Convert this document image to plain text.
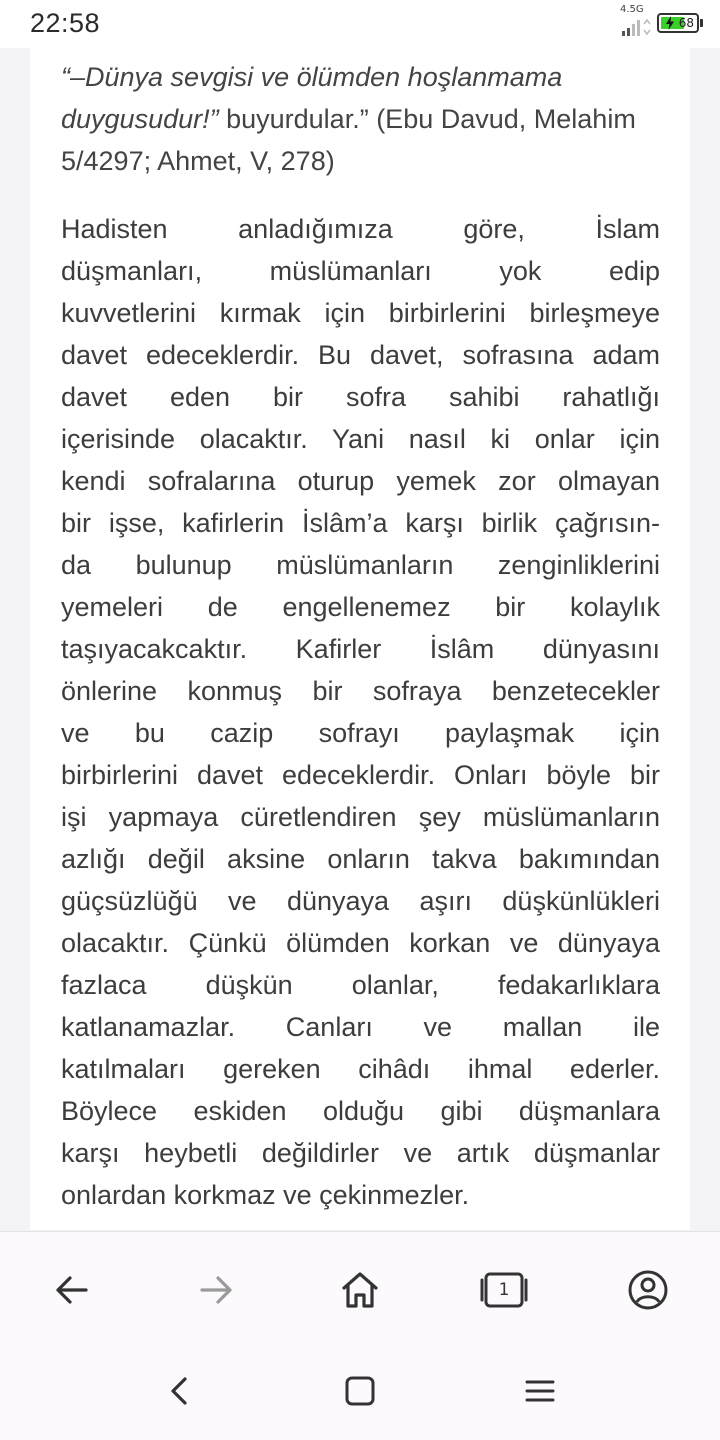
22:58	4.5G
68
“–Dünya sevgisi ve ölümden hoşlanmama duygusudur!” buyurdular.” (Ebu Davud, Melahim 5/4297; Ahmet, V, 278)
Hadisten anladığımıza göre, İslam
düşmanları, müslümanları yok edip
kuvvetlerini kırmak için birbirlerini birleşmeye
davet edeceklerdir. Bu davet, sofrasına adam
davet eden bir sofra sahibi rahatlığı
içerisinde olacaktır. Yani nasıl ki onlar için
kendi sofralarına oturup yemek zor olmayan
bir işse, kafirlerin İslâm’a karşı birlik çağrısın-
da bulunup müslümanların zenginliklerini
yemeleri de engellenemez bir kolaylık
taşıyacakcaktır. Kafirler İslâm dünyasını
önlerine konmuş bir sofraya benzetecekler
ve bu cazip sofrayı paylaşmak için
birbirlerini davet edeceklerdir. Onları böyle bir
işi yapmaya cüretlendiren şey müslümanların
azlığı değil aksine onların takva bakımından
güçsüzlüğü ve dünyaya aşırı düşkünlükleri
olacaktır. Çünkü ölümden korkan ve dünyaya
fazlaca düşkün olanlar, fedakarlıklara
katlanamazlar. Canları ve mallan ile
katılmaları gereken cihâdı ihmal ederler.
Böylece eskiden olduğu gibi düşmanlara
karşı heybetli değildirler ve artık düşmanlar
onlardan korkmaz ve çekinmezler.
1
